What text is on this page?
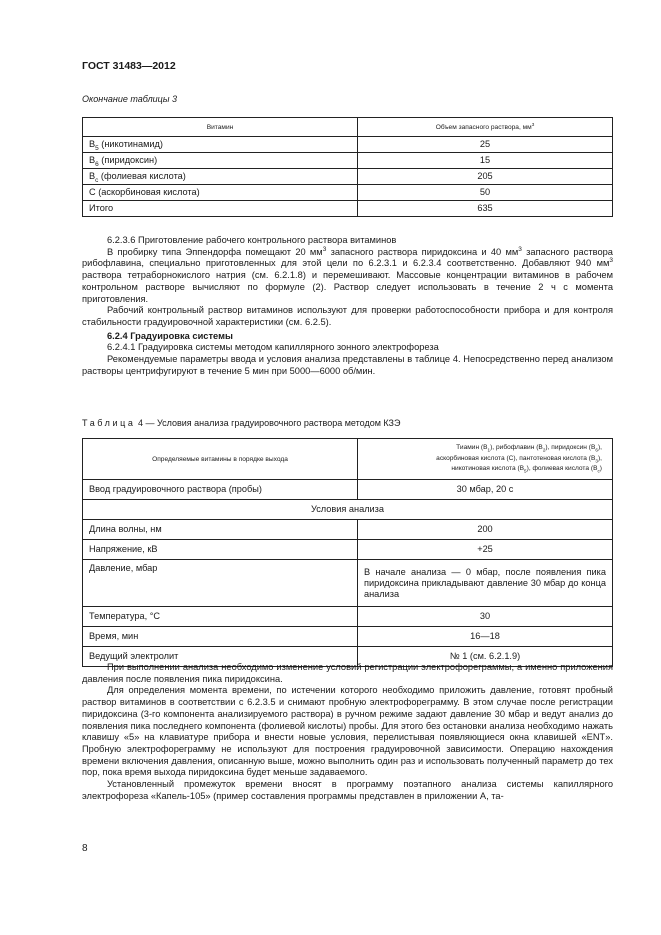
ГОСТ 31483—2012
Окончание таблицы 3
Витамин	Объем запасного раствора, $мм^3$
$B_5$ (никотинамид)	25
$B_6$ (пиридоксин)	15
$B_c$ (фолиевая кислота)	205
C (аскорбиновая кислота)	50
Итого	635

6.2.3.6 Приготовление рабочего контрольного раствора витаминов

В пробирку типа Эппендорфа помещают 20 $мм^3$ запасного раствора пиридоксина и 40 $мм^3$ запасного раствора рибофлавина, специально приготовленных для этой цели по 6.2.3.1 и 6.2.3.4 соответственно. Добавляют 940 $мм^3$ раствора тетраборнокислого натрия (см. 6.2.1.8) и перемешивают. Массовые концентрации витаминов в рабочем контрольном растворе вычисляют по формуле (2). Раствор следует использовать в течение 2 ч с момента приготовления.

Рабочий контрольный раствор витаминов используют для проверки работоспособности прибора и для контроля стабильности градуировочной характеристики (см. 6.2.5).

6.2.4 Градуировка системы

6.2.4.1 Градуировка системы методом капиллярного зонного электрофореза

Рекомендуемые параметры ввода и условия анализа представлены в таблице 4. Непосредственно перед анализом растворы центрифугируют в течение 5 мин при 5000—6000 об/мин.

Таблица 4 — Условия анализа градуировочного раствора методом КЗЭ
Определяемые витамины в порядке выхода	Тиамин $(B_1)$, рибофлавин $(B_2)$, пиридоксин $(B_6)$,
аскорбиновая кислота (C), пантотеновая кислота $(B_3)$,
никотиновая кислота $(B_5)$, фолиевая кислота $(B_c)$
Ввод градуировочного раствора (пробы)	30 мбар, 20 с
Условия анализа	
Длина волны, нм	200
Напряжение, кВ	+25
Давление, мбар	В начале анализа — 0 мбар, после появления пика пиридоксина прикладывают давление 30 мбар до конца анализа
Температура, °С	30
Время, мин	16—18
Ведущий электролит	№ 1 (см. 6.2.1.9)

При выполнении анализа необходимо изменение условий регистрации электрофореграммы, а именно приложения давления после появления пика пиридоксина.

Для определения момента времени, по истечении которого необходимо приложить давление, готовят пробный раствор витаминов в соответствии с 6.2.3.5 и снимают пробную электрофореграмму. В этом случае после регистрации пиридоксина (3-го компонента анализируемого раствора) в ручном режиме задают давление 30 мбар и ведут анализ до появления пика последнего компонента (фолиевой кислоты) пробы. Для этого без остановки анализа необходимо нажать клавишу «5» на клавиатуре прибора и внести новые условия, перелистывая появляющиеся окна клавишей «ENT». Пробную электрофореграмму не используют для построения градуировочной зависимости. Операцию нахождения времени включения давления, описанную выше, можно выполнить один раз и использовать полученный параметр до тех пор, пока время выхода пиридоксина будет меньше задаваемого.

Установленный промежуток времени вносят в программу поэтапного анализа системы капиллярного электрофореза «Капель-105» (пример составления программы представлен в приложении А, та-

8
